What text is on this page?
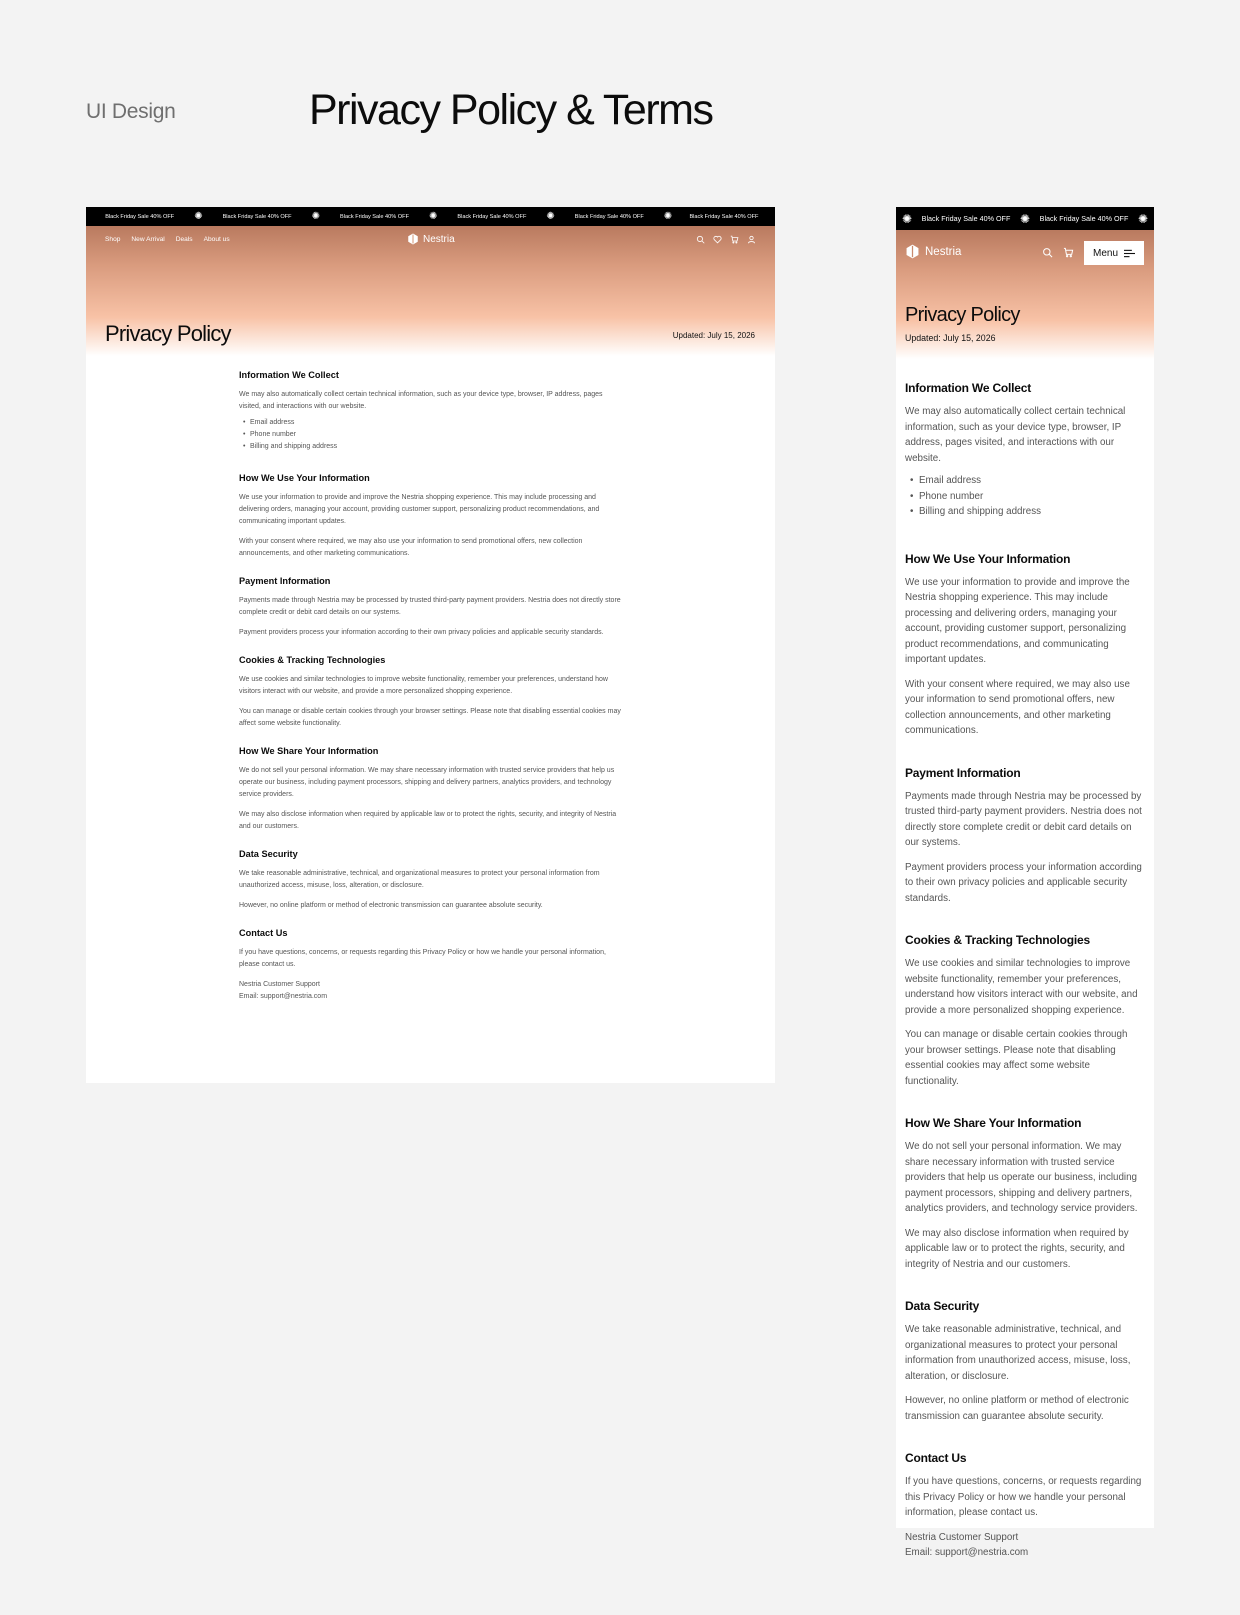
UI Design	Privacy Policy & Terms
Black Friday Sale 40% OFF	✺	Black Friday Sale 40% OFF	✺	Black Friday Sale 40% OFF	✺	Black Friday Sale 40% OFF	✺	Black Friday Sale 40% OFF	✺	Black Friday Sale 40% OFF
Shop New Arrival Deals About us	Nestria
Privacy Policy	Updated: July 15, 2026
Information We Collect

We may also automatically collect certain technical information, such as your device type, browser, IP address, pages visited, and interactions with our website.

• Email address
• Phone number
• Billing and shipping address
How We Use Your Information

We use your information to provide and improve the Nestria shopping experience. This may include processing and delivering orders, managing your account, providing customer support, personalizing product recommendations, and communicating important updates.

With your consent where required, we may also use your information to send promotional offers, new collection announcements, and other marketing communications.

Payment Information

Payments made through Nestria may be processed by trusted third-party payment providers. Nestria does not directly store complete credit or debit card details on our systems.

Payment providers process your information according to their own privacy policies and applicable security standards.

Cookies & Tracking Technologies

We use cookies and similar technologies to improve website functionality, remember your preferences, understand how visitors interact with our website, and provide a more personalized shopping experience.

You can manage or disable certain cookies through your browser settings. Please note that disabling essential cookies may affect some website functionality.

How We Share Your Information

We do not sell your personal information. We may share necessary information with trusted service providers that help us operate our business, including payment processors, shipping and delivery partners, analytics providers, and technology service providers.

We may also disclose information when required by applicable law or to protect the rights, security, and integrity of Nestria and our customers.

Data Security

We take reasonable administrative, technical, and organizational measures to protect your personal information from unauthorized access, misuse, loss, alteration, or disclosure.

However, no online platform or method of electronic transmission can guarantee absolute security.

Contact Us

If you have questions, concerns, or requests regarding this Privacy Policy or how we handle your personal information, please contact us.

Nestria Customer Support
Email: support@nestria.com

✺	Black Friday Sale 40% OFF ✺	Black Friday Sale 40% OFF ✺
Nestria	Menu
Privacy Policy
Updated: July 15, 2026
Information We Collect

We may also automatically collect certain technical information, such as your device type, browser, IP address, pages visited, and interactions with our website.

• Email address
• Phone number
• Billing and shipping address
How We Use Your Information

We use your information to provide and improve the Nestria shopping experience. This may include processing and delivering orders, managing your account, providing customer support, personalizing product recommendations, and communicating important updates.

With your consent where required, we may also use your information to send promotional offers, new collection announcements, and other marketing communications.

Payment Information

Payments made through Nestria may be processed by trusted third-party payment providers. Nestria does not directly store complete credit or debit card details on our systems.

Payment providers process your information according to their own privacy policies and applicable security standards.

Cookies & Tracking Technologies

We use cookies and similar technologies to improve website functionality, remember your preferences, understand how visitors interact with our website, and provide a more personalized shopping experience.

You can manage or disable certain cookies through your browser settings. Please note that disabling essential cookies may affect some website functionality.

How We Share Your Information

We do not sell your personal information. We may share necessary information with trusted service providers that help us operate our business, including payment processors, shipping and delivery partners, analytics providers, and technology service providers.

We may also disclose information when required by applicable law or to protect the rights, security, and integrity of Nestria and our customers.

Data Security

We take reasonable administrative, technical, and organizational measures to protect your personal information from unauthorized access, misuse, loss, alteration, or disclosure.

However, no online platform or method of electronic transmission can guarantee absolute security.

Contact Us

If you have questions, concerns, or requests regarding this Privacy Policy or how we handle your personal information, please contact us.

Nestria Customer Support
Email: support@nestria.com
